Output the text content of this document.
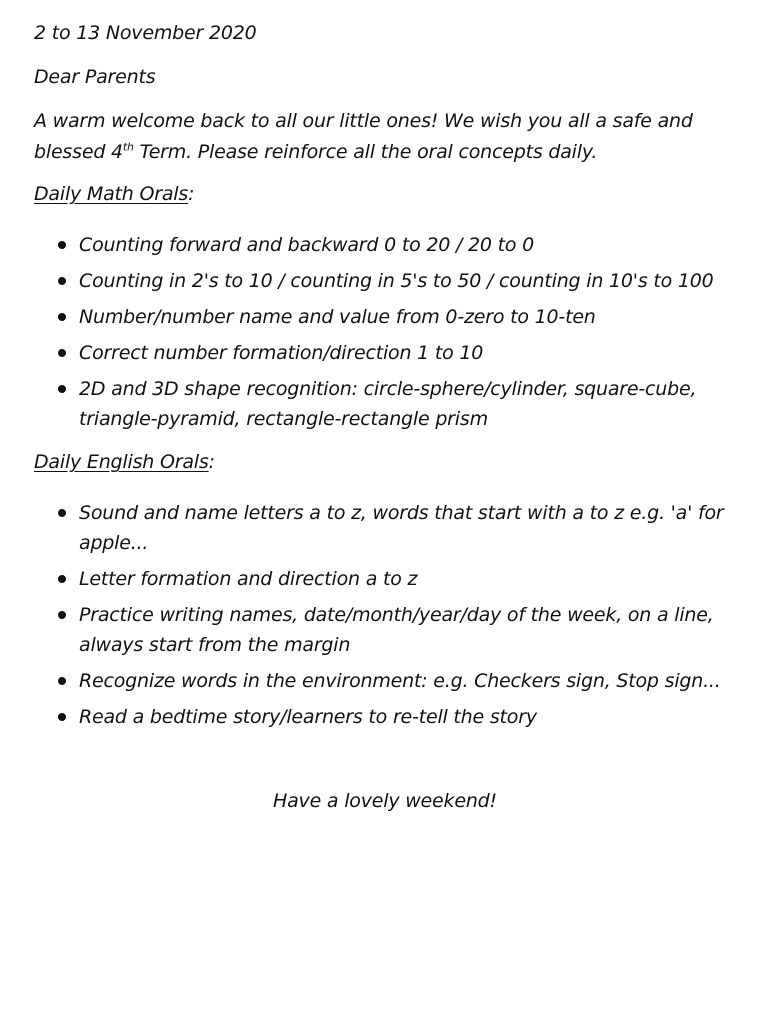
2 to 13 November 2020
Dear Parents
A warm welcome back to all our little ones! We wish you all a safe and blessed 4th Term. Please reinforce all the oral concepts daily.
Daily Math Orals:
Counting forward and backward 0 to 20 / 20 to 0
Counting in 2's to 10 / counting in 5's to 50 / counting in 10's to 100
Number/number name and value from 0-zero to 10-ten
Correct number formation/direction 1 to 10
2D and 3D shape recognition: circle-sphere/cylinder, square-cube, triangle-pyramid, rectangle-rectangle prism
Daily English Orals:
Sound and name letters a to z, words that start with a to z e.g. 'a' for apple...
Letter formation and direction a to z
Practice writing names, date/month/year/day of the week, on a line, always start from the margin
Recognize words in the environment: e.g. Checkers sign, Stop sign...
Read a bedtime story/learners to re-tell the story
Have a lovely weekend!
